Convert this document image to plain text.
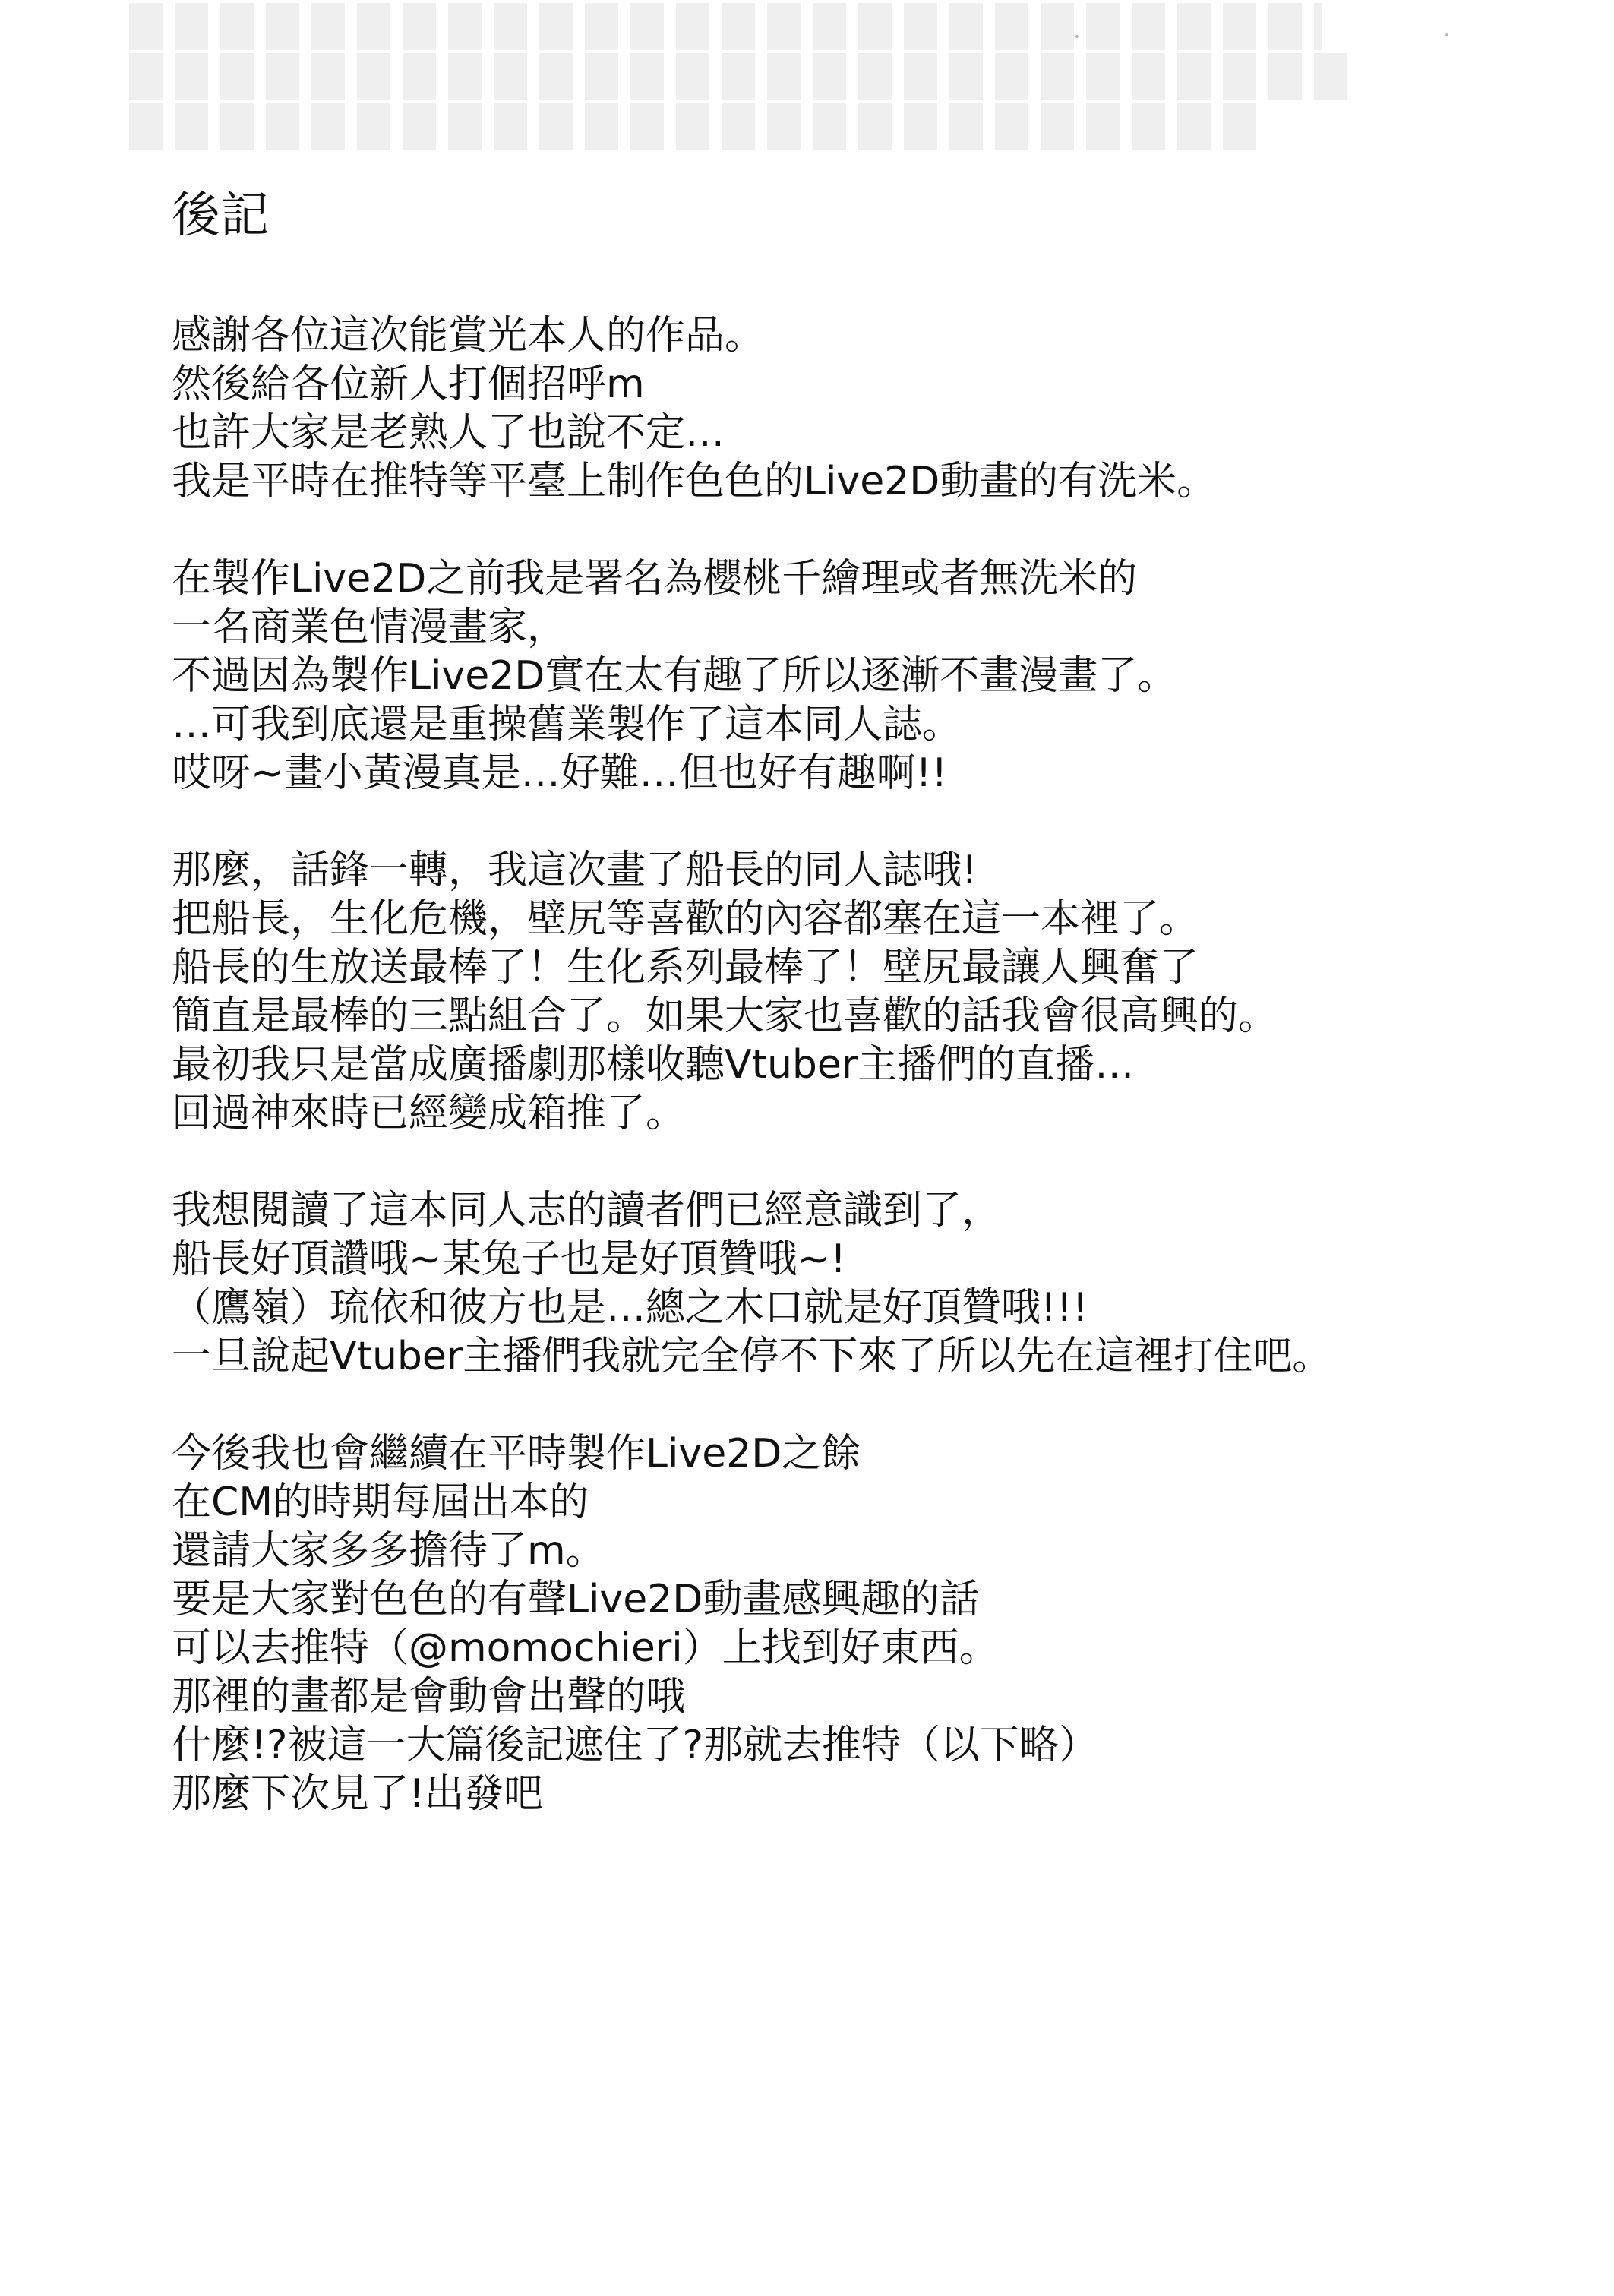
後記
感謝各位這次能賞光本人的作品。
然後給各位新人打個招呼m
也許大家是老熟人了也說不定…
我是平時在推特等平臺上制作色色的Live2D動畫的有洗米。
在製作Live2D之前我是署名為櫻桃千繪理或者無洗米的
一名商業色情漫畫家，
不過因為製作Live2D實在太有趣了所以逐漸不畫漫畫了。
…可我到底還是重操舊業製作了這本同人誌。
哎呀~畫小黃漫真是…好難…但也好有趣啊!!
那麼，話鋒一轉，我這次畫了船長的同人誌哦!
把船長，生化危機，壁尻等喜歡的內容都塞在這一本裡了。
船長的生放送最棒了！生化系列最棒了！壁尻最讓人興奮了
簡直是最棒的三點組合了。如果大家也喜歡的話我會很高興的。
最初我只是當成廣播劇那樣收聽Vtuber主播們的直播…
回過神來時已經變成箱推了。
我想閱讀了這本同人志的讀者們已經意識到了，
船長好頂讚哦~某兔子也是好頂贊哦~!
（鷹嶺）琉依和彼方也是…總之木口就是好頂贊哦!!!
一旦說起Vtuber主播們我就完全停不下來了所以先在這裡打住吧。
今後我也會繼續在平時製作Live2D之餘
在CM的時期每屆出本的
還請大家多多擔待了m。
要是大家對色色的有聲Live2D動畫感興趣的話
可以去推特（@momochieri）上找到好東西。
那裡的畫都是會動會出聲的哦
什麼!?被這一大篇後記遮住了?那就去推特（以下略）
那麼下次見了!出發吧
